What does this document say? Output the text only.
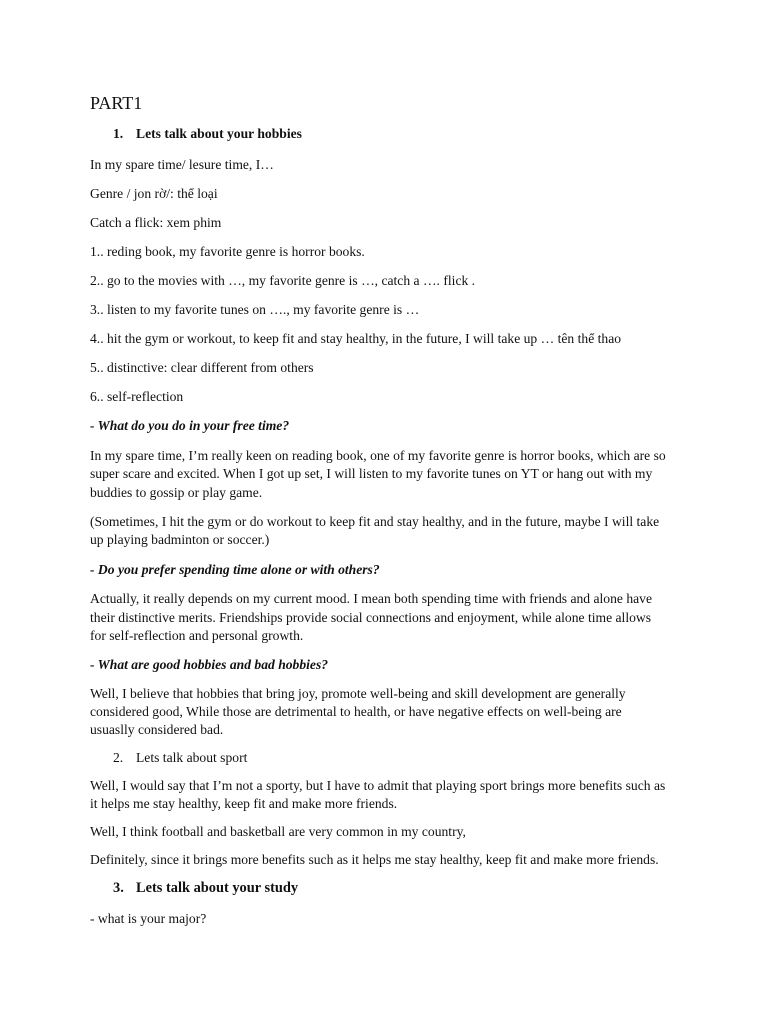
PART1
1. Lets talk about your hobbies
In my spare time/ lesure time, I…
Genre / jon rờ/: thể loại
Catch a flick: xem phim
1.. reding book, my favorite genre is horror books.
2.. go to the movies with …, my favorite genre is …, catch a …. flick .
3.. listen to my favorite tunes on …., my favorite genre is …
4.. hit the gym or workout, to keep fit and stay healthy, in the future, I will take up … tên thể thao
5.. distinctive: clear different from others
6.. self-reflection
- What do you do in your free time?
In my spare time, I’m really keen on reading book, one of my favorite genre is horror books, which are so
super scare and excited. When I got up set, I will listen to my favorite tunes on YT or hang out with my
buddies to gossip or play game.
(Sometimes, I hit the gym or do workout to keep fit and stay healthy, and in the future, maybe I will take
up playing badminton or soccer.)
- Do you prefer spending time alone or with others?
Actually, it really depends on my current mood. I mean both spending time with friends and alone have
their distinctive merits. Friendships provide social connections and enjoyment, while alone time allows
for self-reflection and personal growth.
- What are good hobbies and bad hobbies?
Well, I believe that hobbies that bring joy, promote well-being and skill development are generally
considered good, While those are detrimental to health, or have negative effects on well-being are
usuaslly considered bad.
2. Lets talk about sport
Well, I would say that I’m not a sporty, but I have to admit that playing sport brings more benefits such as
it helps me stay healthy, keep fit and make more friends.
Well, I think football and basketball are very common in my country,
Definitely, since it brings more benefits such as it helps me stay healthy, keep fit and make more friends.
3. Lets talk about your study
- what is your major?
